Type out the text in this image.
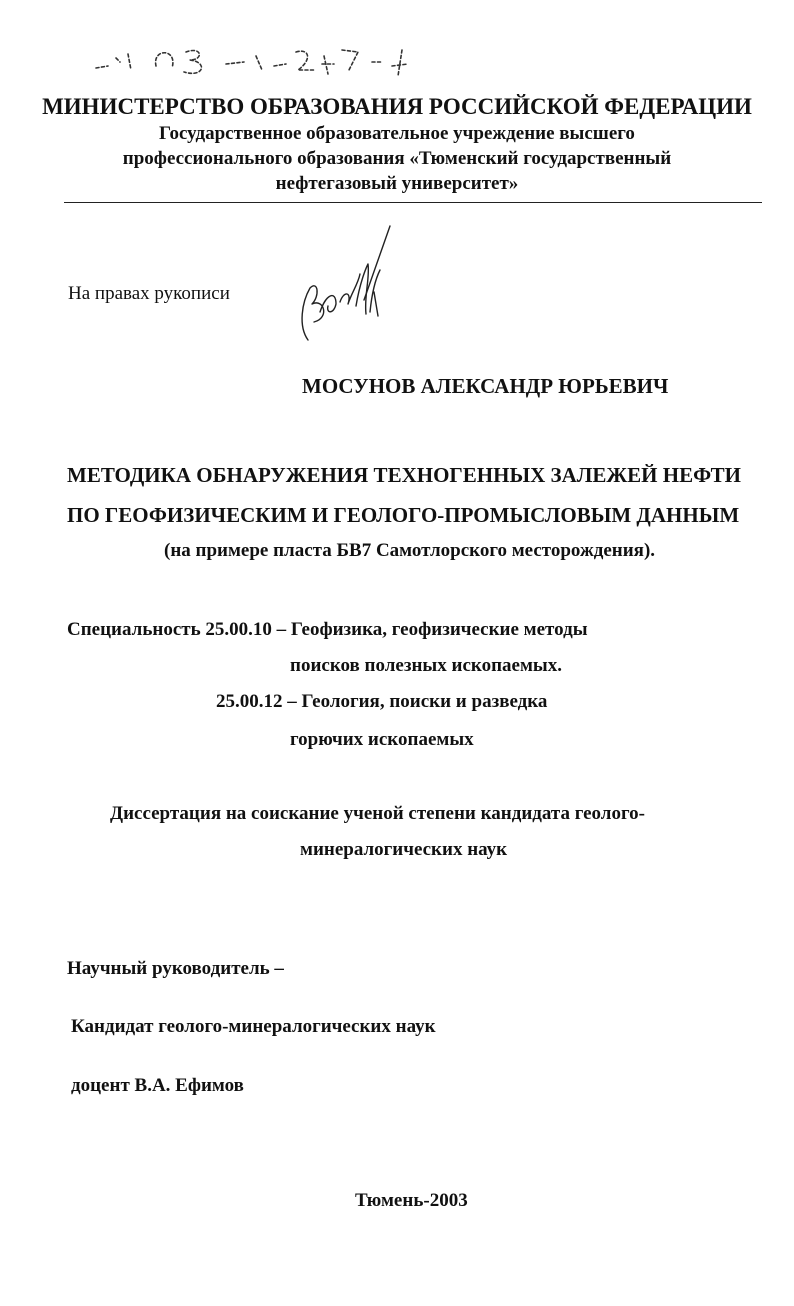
МИНИСТЕРСТВО ОБРАЗОВАНИЯ РОССИЙСКОЙ ФЕДЕРАЦИИ
Государственное образовательное учреждение высшего
профессионального образования «Тюменский государственный
нефтегазовый университет»
На правах рукописи
МОСУНОВ АЛЕКСАНДР ЮРЬЕВИЧ
МЕТОДИКА ОБНАРУЖЕНИЯ ТЕХНОГЕННЫХ ЗАЛЕЖЕЙ НЕФТИ
ПО ГЕОФИЗИЧЕСКИМ И ГЕОЛОГО-ПРОМЫСЛОВЫМ ДАННЫМ
(на примере пласта БВ7 Самотлорского месторождения).
Специальность 25.00.10 – Геофизика, геофизические методы
поисков полезных ископаемых.
25.00.12 – Геология, поиски и разведка
горючих ископаемых
Диссертация на соискание ученой степени кандидата геолого-
минералогических наук
Научный руководитель –
Кандидат геолого-минералогических наук
доцент В.А. Ефимов
Тюмень-2003
